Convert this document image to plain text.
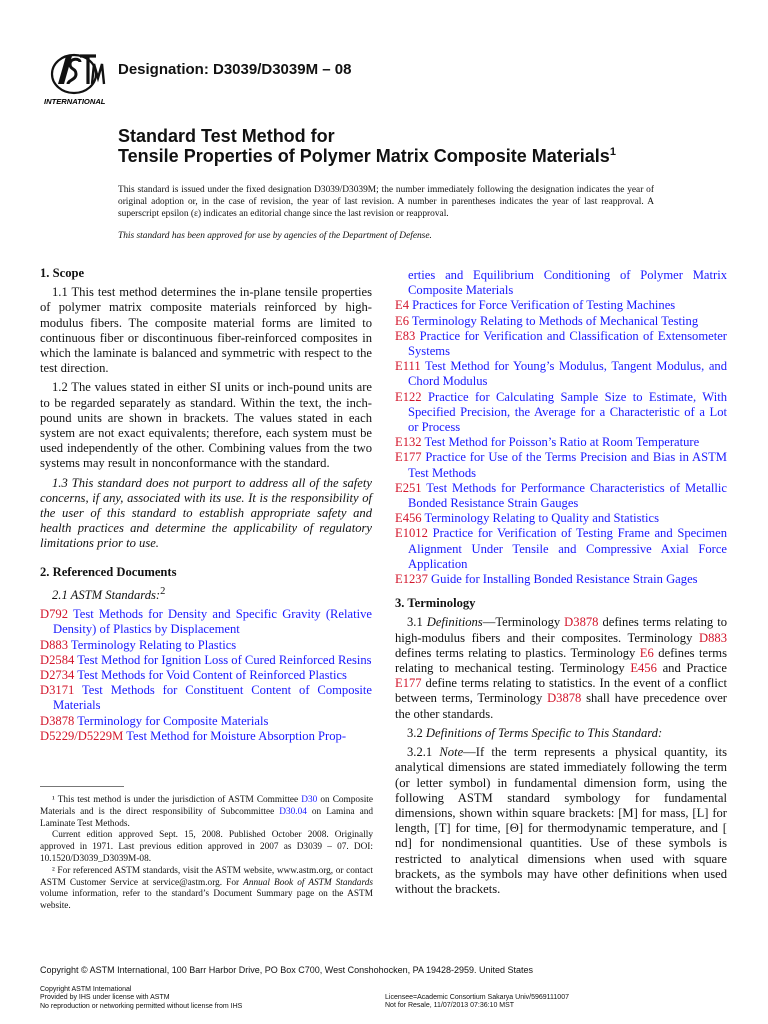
INTERNATIONAL
Designation: D3039/D3039M – 08
Standard Test Method for
Tensile Properties of Polymer Matrix Composite Materials$^1$
This standard is issued under the fixed designation D3039/D3039M; the number immediately following the designation indicates the year of original adoption or, in the case of revision, the year of last revision. A number in parentheses indicates the year of last reapproval. A superscript epsilon (ε) indicates an editorial change since the last revision or reapproval.
This standard has been approved for use by agencies of the Department of Defense.
1. Scope

1.1 This test method determines the in-plane tensile properties of polymer matrix composite materials reinforced by high-modulus fibers. The composite material forms are limited to continuous fiber or discontinuous fiber-reinforced composites in which the laminate is balanced and symmetric with respect to the test direction.

1.2 The values stated in either SI units or inch-pound units are to be regarded separately as standard. Within the text, the inch-pound units are shown in brackets. The values stated in each system are not exact equivalents; therefore, each system must be used independently of the other. Combining values from the two systems may result in nonconformance with the standard.

1.3 This standard does not purport to address all of the safety concerns, if any, associated with its use. It is the responsibility of the user of this standard to establish appropriate safety and health practices and determine the applicability of regulatory limitations prior to use.

2. Referenced Documents

2.1 ASTM Standards:$^2$

D792 Test Methods for Density and Specific Gravity (Relative Density) of Plastics by Displacement

D883 Terminology Relating to Plastics

D2584 Test Method for Ignition Loss of Cured Reinforced Resins

D2734 Test Methods for Void Content of Reinforced Plastics

D3171 Test Methods for Constituent Content of Composite Materials

D3878 Terminology for Composite Materials

D5229/D5229M Test Method for Moisture Absorption Prop-

erties and Equilibrium Conditioning of Polymer Matrix Composite Materials

E4 Practices for Force Verification of Testing Machines

E6 Terminology Relating to Methods of Mechanical Testing

E83 Practice for Verification and Classification of Extensometer Systems

E111 Test Method for Young’s Modulus, Tangent Modulus, and Chord Modulus

E122 Practice for Calculating Sample Size to Estimate, With Specified Precision, the Average for a Characteristic of a Lot or Process

E132 Test Method for Poisson’s Ratio at Room Temperature

E177 Practice for Use of the Terms Precision and Bias in ASTM Test Methods

E251 Test Methods for Performance Characteristics of Metallic Bonded Resistance Strain Gauges

E456 Terminology Relating to Quality and Statistics

E1012 Practice for Verification of Testing Frame and Specimen Alignment Under Tensile and Compressive Axial Force Application

E1237 Guide for Installing Bonded Resistance Strain Gages

3. Terminology

3.1 Definitions—Terminology D3878 defines terms relating to high-modulus fibers and their composites. Terminology D883 defines terms relating to plastics. Terminology E6 defines terms relating to mechanical testing. Terminology E456 and Practice E177 define terms relating to statistics. In the event of a conflict between terms, Terminology D3878 shall have precedence over the other standards.

3.2 Definitions of Terms Specific to This Standard:

3.2.1 Note—If the term represents a physical quantity, its analytical dimensions are stated immediately following the term (or letter symbol) in fundamental dimension form, using the following ASTM standard symbology for fundamental dimensions, shown within square brackets: [M] for mass, [L] for length, [T] for time, [Θ] for thermodynamic temperature, and [ nd] for nondimensional quantities. Use of these symbols is restricted to analytical dimensions when used with square brackets, as the symbols may have other definitions when used without the brackets.

¹ This test method is under the jurisdiction of ASTM Committee D30 on Composite Materials and is the direct responsibility of Subcommittee D30.04 on Lamina and Laminate Test Methods.
Current edition approved Sept. 15, 2008. Published October 2008. Originally approved in 1971. Last previous edition approved in 2007 as D3039 – 07. DOI: 10.1520/D3039_D3039M-08.
² For referenced ASTM standards, visit the ASTM website, www.astm.org, or contact ASTM Customer Service at service@astm.org. For Annual Book of ASTM Standards volume information, refer to the standard’s Document Summary page on the ASTM website.
Copyright © ASTM International, 100 Barr Harbor Drive, PO Box C700, West Conshohocken, PA 19428-2959. United States
Copyright ASTM International
Provided by IHS under license with ASTM
No reproduction or networking permitted without license from IHS
Licensee=Academic Consortium Sakarya Univ/5969111007
Not for Resale, 11/07/2013 07:36:10 MST
